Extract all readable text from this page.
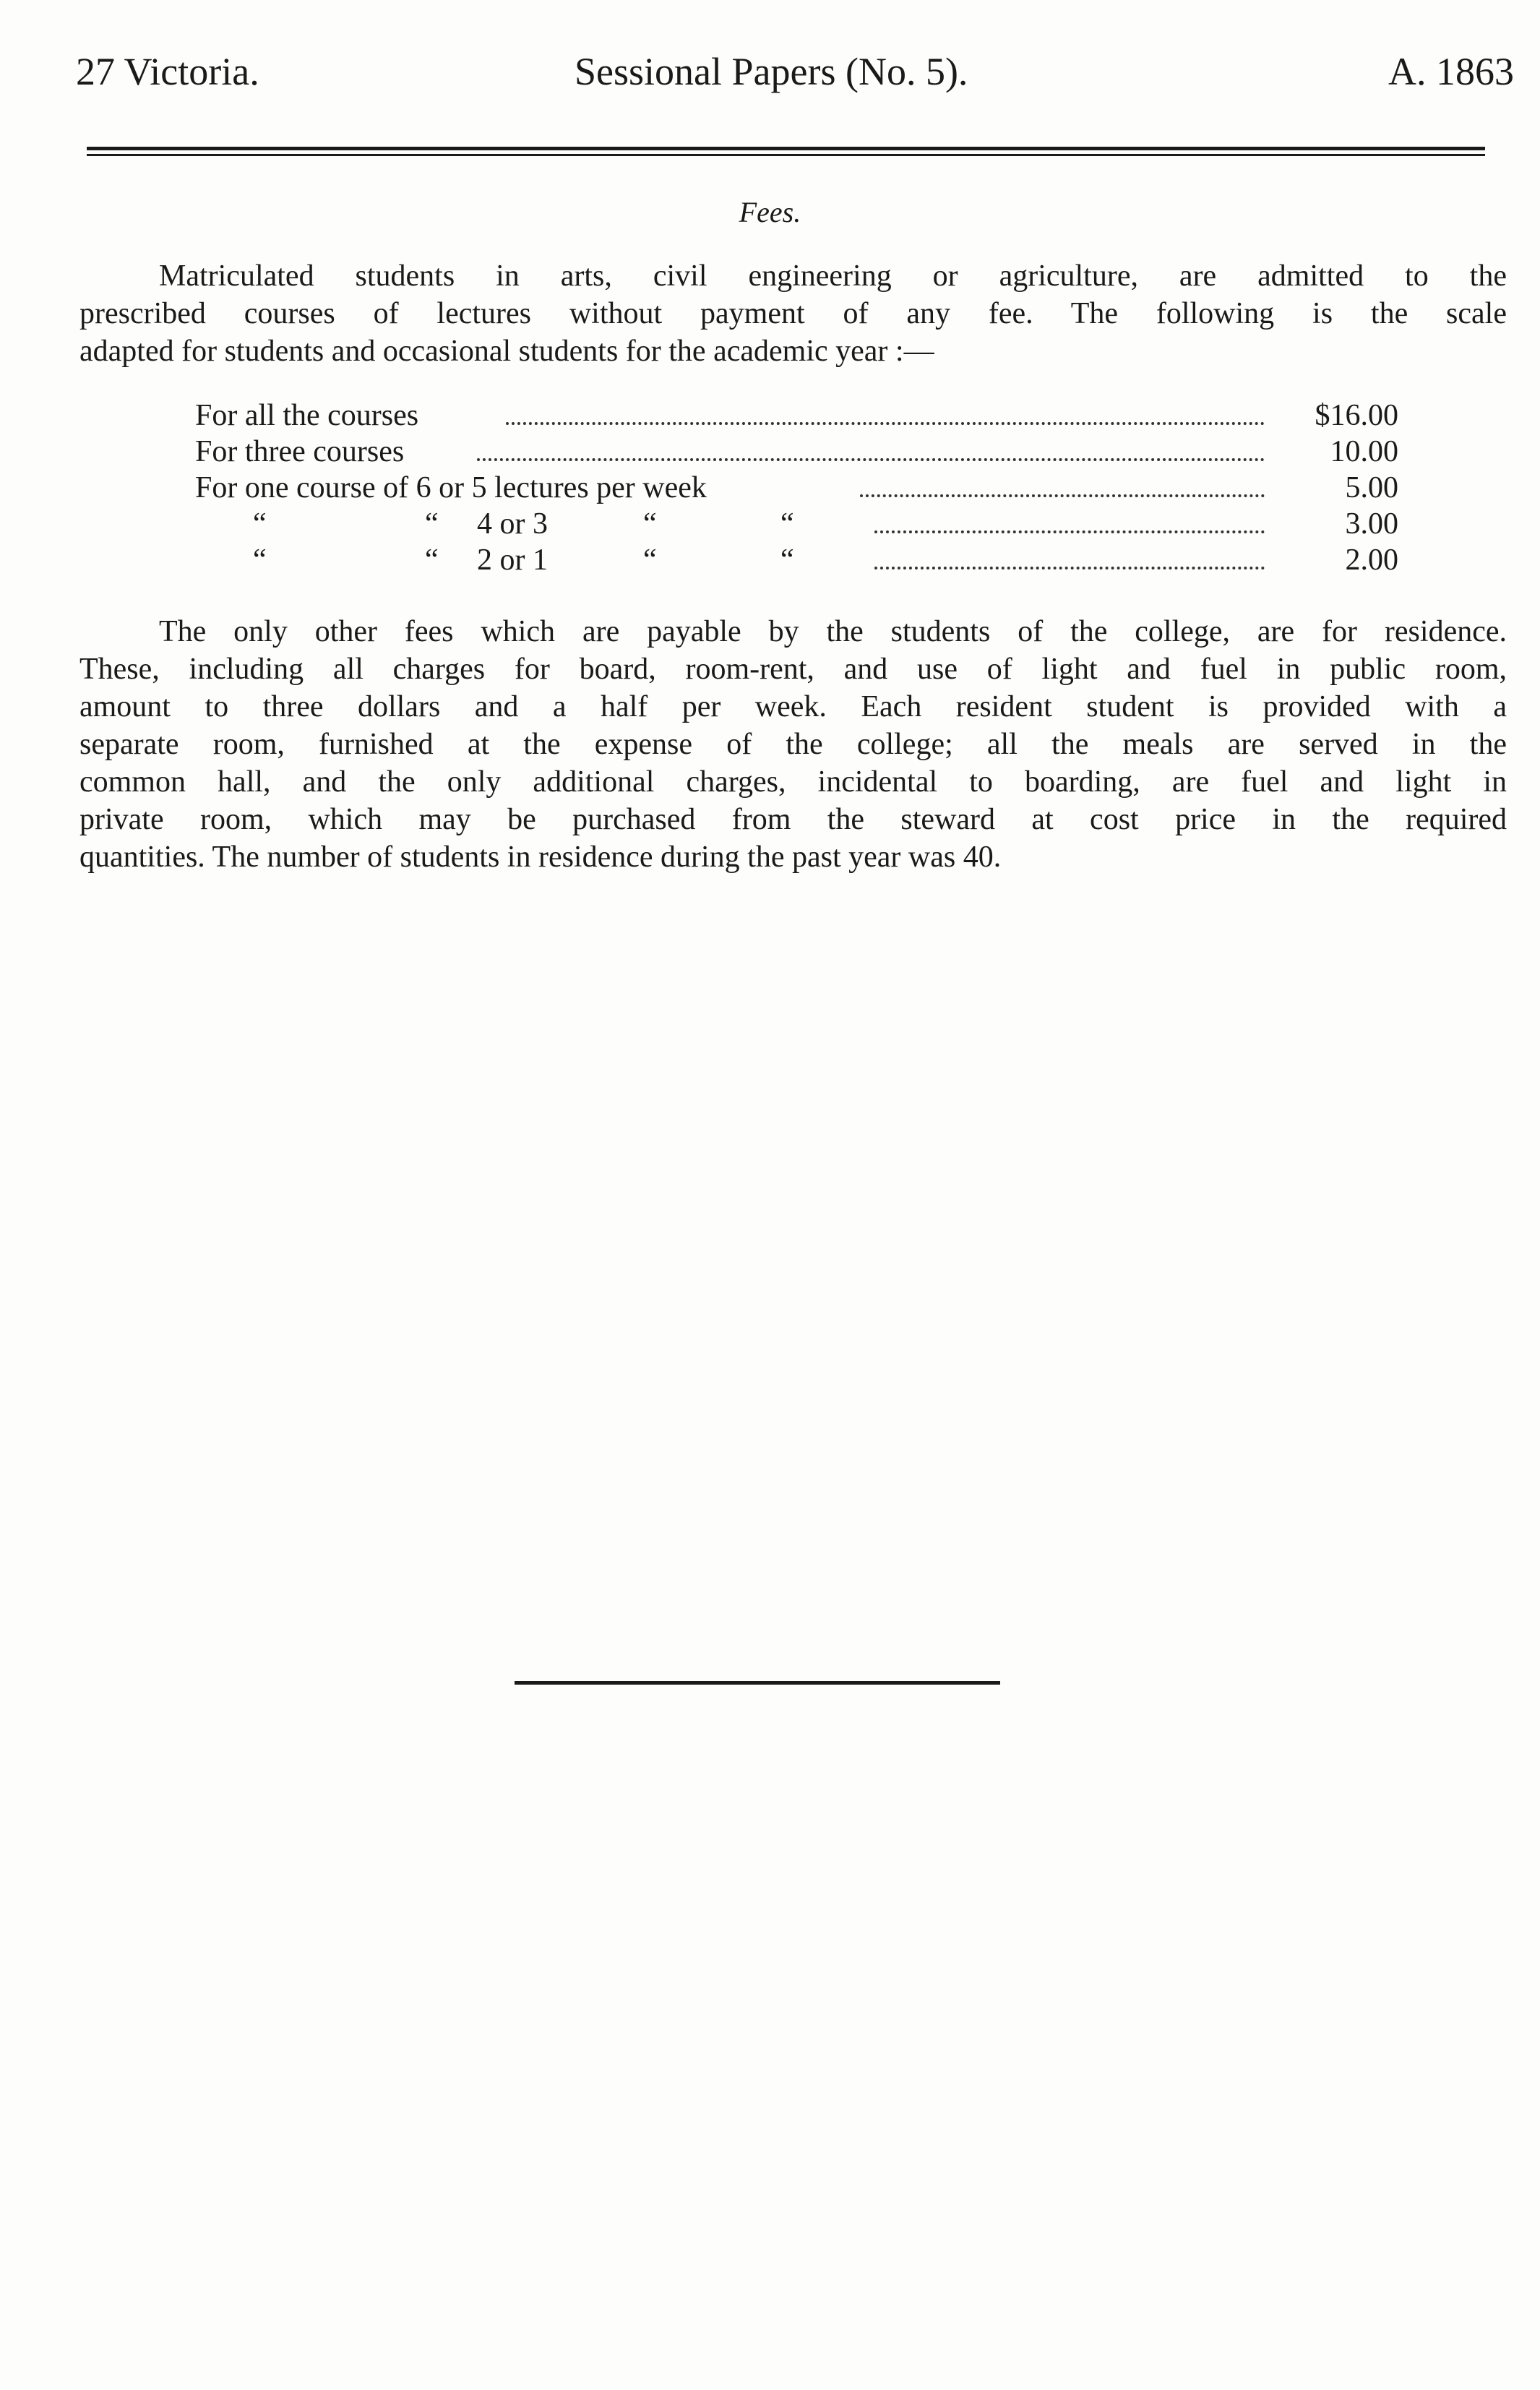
27 Victoria.	Sessional Papers (No. 5).	A. 1863
Fees.
Matriculated students in arts, civil engineering or agriculture, are admitted to the
prescribed courses of lectures without payment of any fee. The following is the scale
adapted for students and occasional students for the academic year :—
For all the courses	$16.00
For three courses	10.00
For one course of 6 or 5 lectures per week	5.00
“	“ 4 or 3	“	“	3.00
“	“ 2 or 1	“	“	2.00
The only other fees which are payable by the students of the college, are for residence.
These, including all charges for board, room-rent, and use of light and fuel in public room,
amount to three dollars and a half per week. Each resident student is provided with a
separate room, furnished at the expense of the college; all the meals are served in the
common hall, and the only additional charges, incidental to boarding, are fuel and light in
private room, which may be purchased from the steward at cost price in the required
quantities. The number of students in residence during the past year was 40.
